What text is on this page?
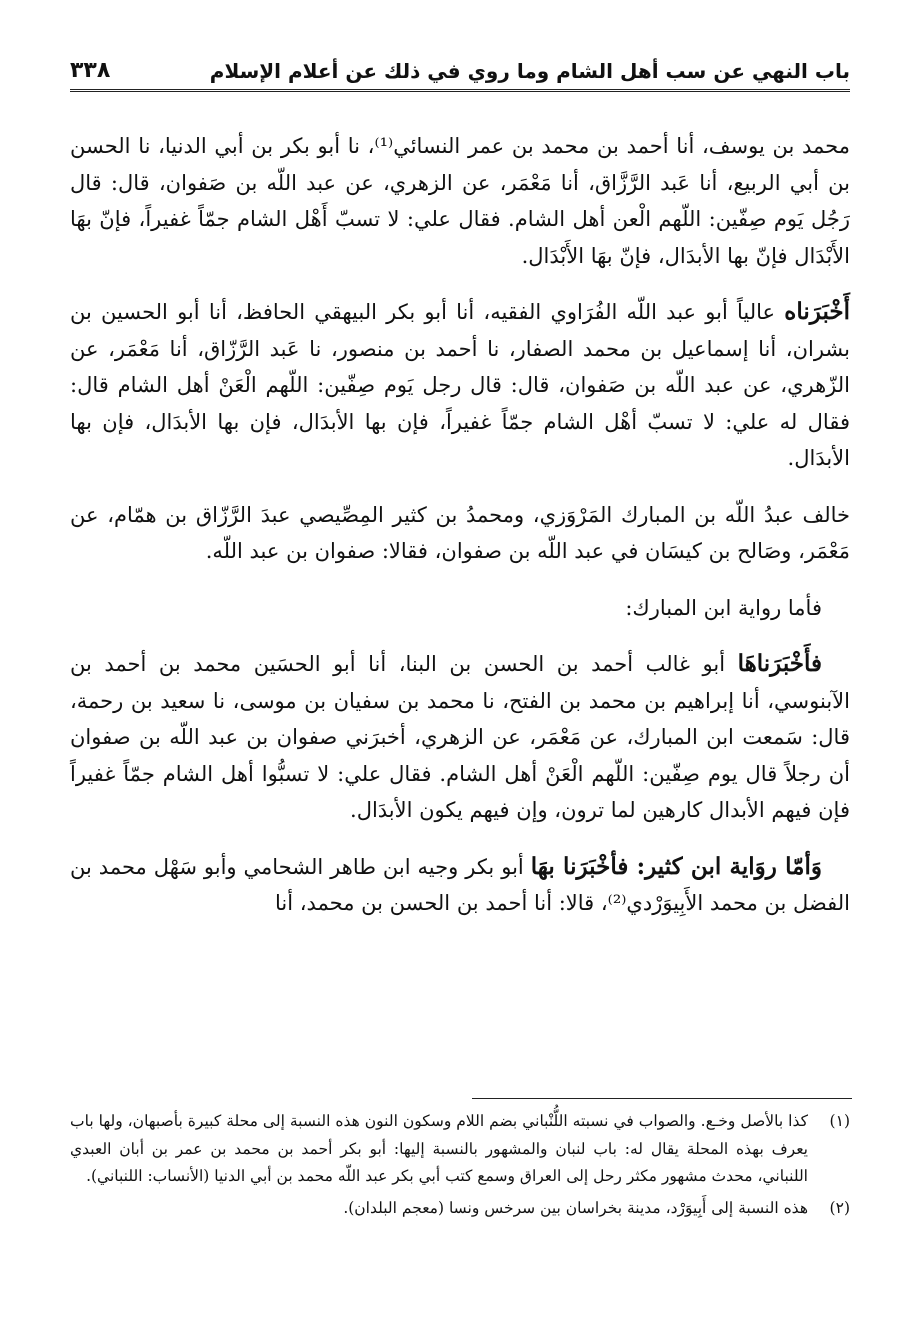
٣٣٨	باب النهي عن سب أهل الشام وما روي في ذلك عن أعلام الإسلام

محمد بن يوسف، أنا أحمد بن محمد بن عمر النسائي⁽¹⁾، نا أبو بكر بن أبي الدنيا، نا الحسن بن أبي الربيع، أنا عَبد الرَّزَّاق، أنا مَعْمَر، عن الزهري، عن عبد اللّه بن صَفوان، قال: قال رَجُل يَوم صِفّين: اللّهم الْعن أهل الشام. فقال علي: لا تسبّ أَهْل الشام جمّاً غفيراً، فإنّ بهَا الأَبْدَال فإنّ بها الأبدَال، فإنّ بهَا الأَبْدَال.

أَخْبَرَناه عالياً أبو عبد اللّه الفُرَاوي الفقيه، أنا أبو بكر البيهقي الحافظ، أنا أبو الحسين بن بشران، أنا إسماعيل بن محمد الصفار، نا أحمد بن منصور، نا عَبد الرَّزّاق، أنا مَعْمَر، عن الزّهري، عن عبد اللّه بن صَفوان، قال: قال رجل يَوم صِفّين: اللّهم الْعَنْ أهل الشام قال: فقال له علي: لا تسبّ أهْل الشام جمّاً غفيراً، فإن بها الأبدَال، فإن بها الأبدَال، فإن بها الأبدَال.

خالف عبدُ اللّه بن المبارك المَرْوَزي، ومحمدُ بن كثير المِصِّيصي عبدَ الرَّزّاق بن همّام، عن مَعْمَر، وصَالح بن كيسَان في عبد اللّه بن صفوان، فقالا: صفوان بن عبد اللّه.

فأما رواية ابن المبارك:

فأَخْبَرَناهَا أبو غالب أحمد بن الحسن بن البنا، أنا أبو الحسَين محمد بن أحمد بن الآبنوسي، أنا إبراهيم بن محمد بن الفتح، نا محمد بن سفيان بن موسى، نا سعيد بن رحمة، قال: سَمعت ابن المبارك، عن مَعْمَر، عن الزهري، أخبرَني صفوان بن عبد اللّه بن صفوان أن رجلاً قال يوم صِفّين: اللّهم الْعَنْ أهل الشام. فقال علي: لا تسبُّوا أهل الشام جمّاً غفيراً فإن فيهم الأبدال كارهين لما ترون، وإن فيهم يكون الأبدَال.

وَأمّا روَاية ابن كثير: فأخْبَرَنا بهَا أبو بكر وجيه ابن طاهر الشحامي وأبو سَهْل محمد بن الفضل بن محمد الأَبِيوَرْدي⁽²⁾، قالا: أنا أحمد بن الحسن بن محمد، أنا

(١)
كذا بالأصل وخـع. والصواب في نسبته اللُّنْباني بضم اللام وسكون النون هذه النسبة إلى محلة كبيرة بأصبهان، ولها باب يعرف بهذه المحلة يقال له: باب لنبان والمشهور بالنسبة إليها: أبو بكر أحمد بن محمد بن عمر بن أبان العبدي اللنباني، محدث مشهور مكثر رحل إلى العراق وسمع كتب أبي بكر عبد اللّه محمد بن أبي الدنيا (الأنساب: اللنباني).
(٢)
هذه النسبة إلى أَبِيوَرْد، مدينة بخراسان بين سرخس ونسا (معجم البلدان).
